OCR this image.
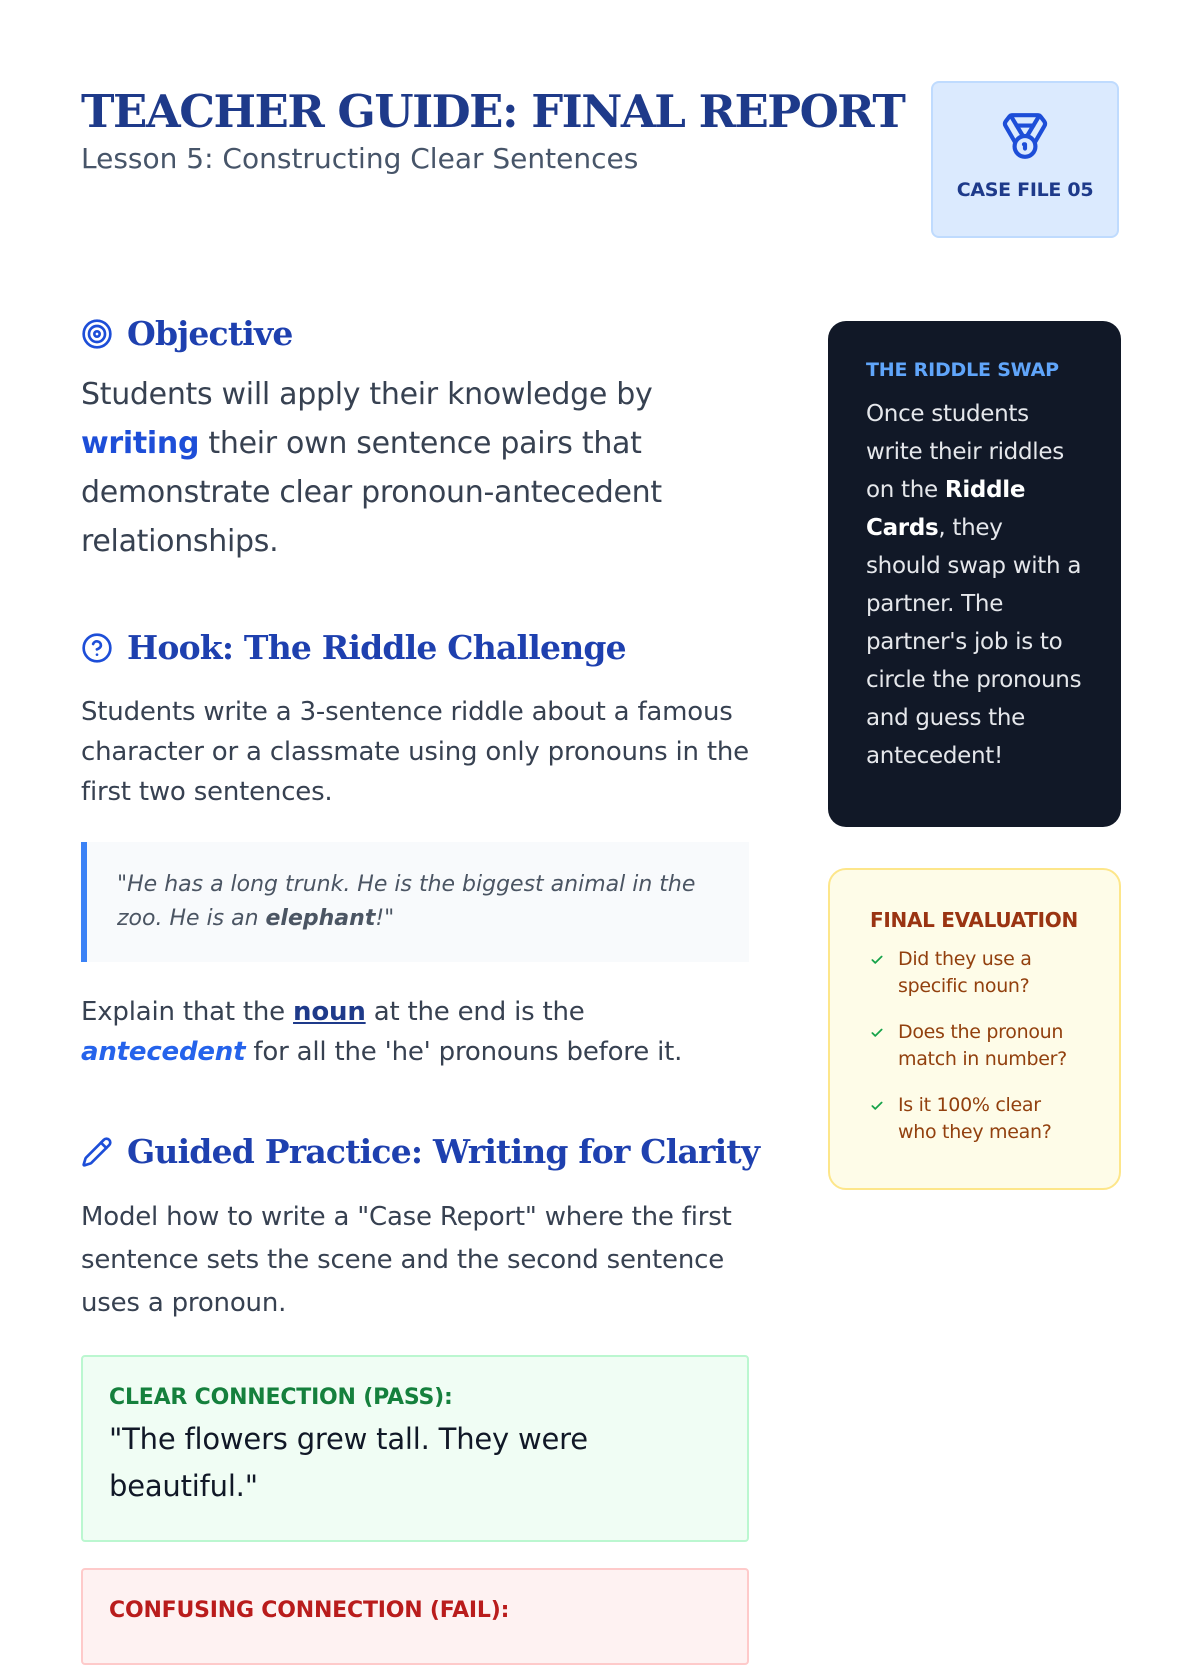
TEACHER GUIDE: FINAL REPORT

Lesson 5: Constructing Clear Sentences

CASE FILE 05
Objective

Students will apply their knowledge by writing their own sentence pairs that demonstrate clear pronoun-antecedent relationships.

Hook: The Riddle Challenge

Students write a 3-sentence riddle about a famous character or a classmate using only pronouns in the first two sentences.

"He has a long trunk. He is the biggest animal in the zoo. He is an elephant!"

Explain that the noun at the end is the antecedent for all the 'he' pronouns before it.

Guided Practice: Writing for Clarity

Model how to write a "Case Report" where the first sentence sets the scene and the second sentence uses a pronoun.

CLEAR CONNECTION (PASS):
"The flowers grew tall. They were beautiful."
CONFUSING CONNECTION (FAIL):
THE RIDDLE SWAP
Once students write their riddles on the Riddle Cards, they should swap with a partner. The partner's job is to circle the pronouns and guess the antecedent!
FINAL EVALUATION
Did they use a specific noun?
Does the pronoun match in number?
Is it 100% clear who they mean?
